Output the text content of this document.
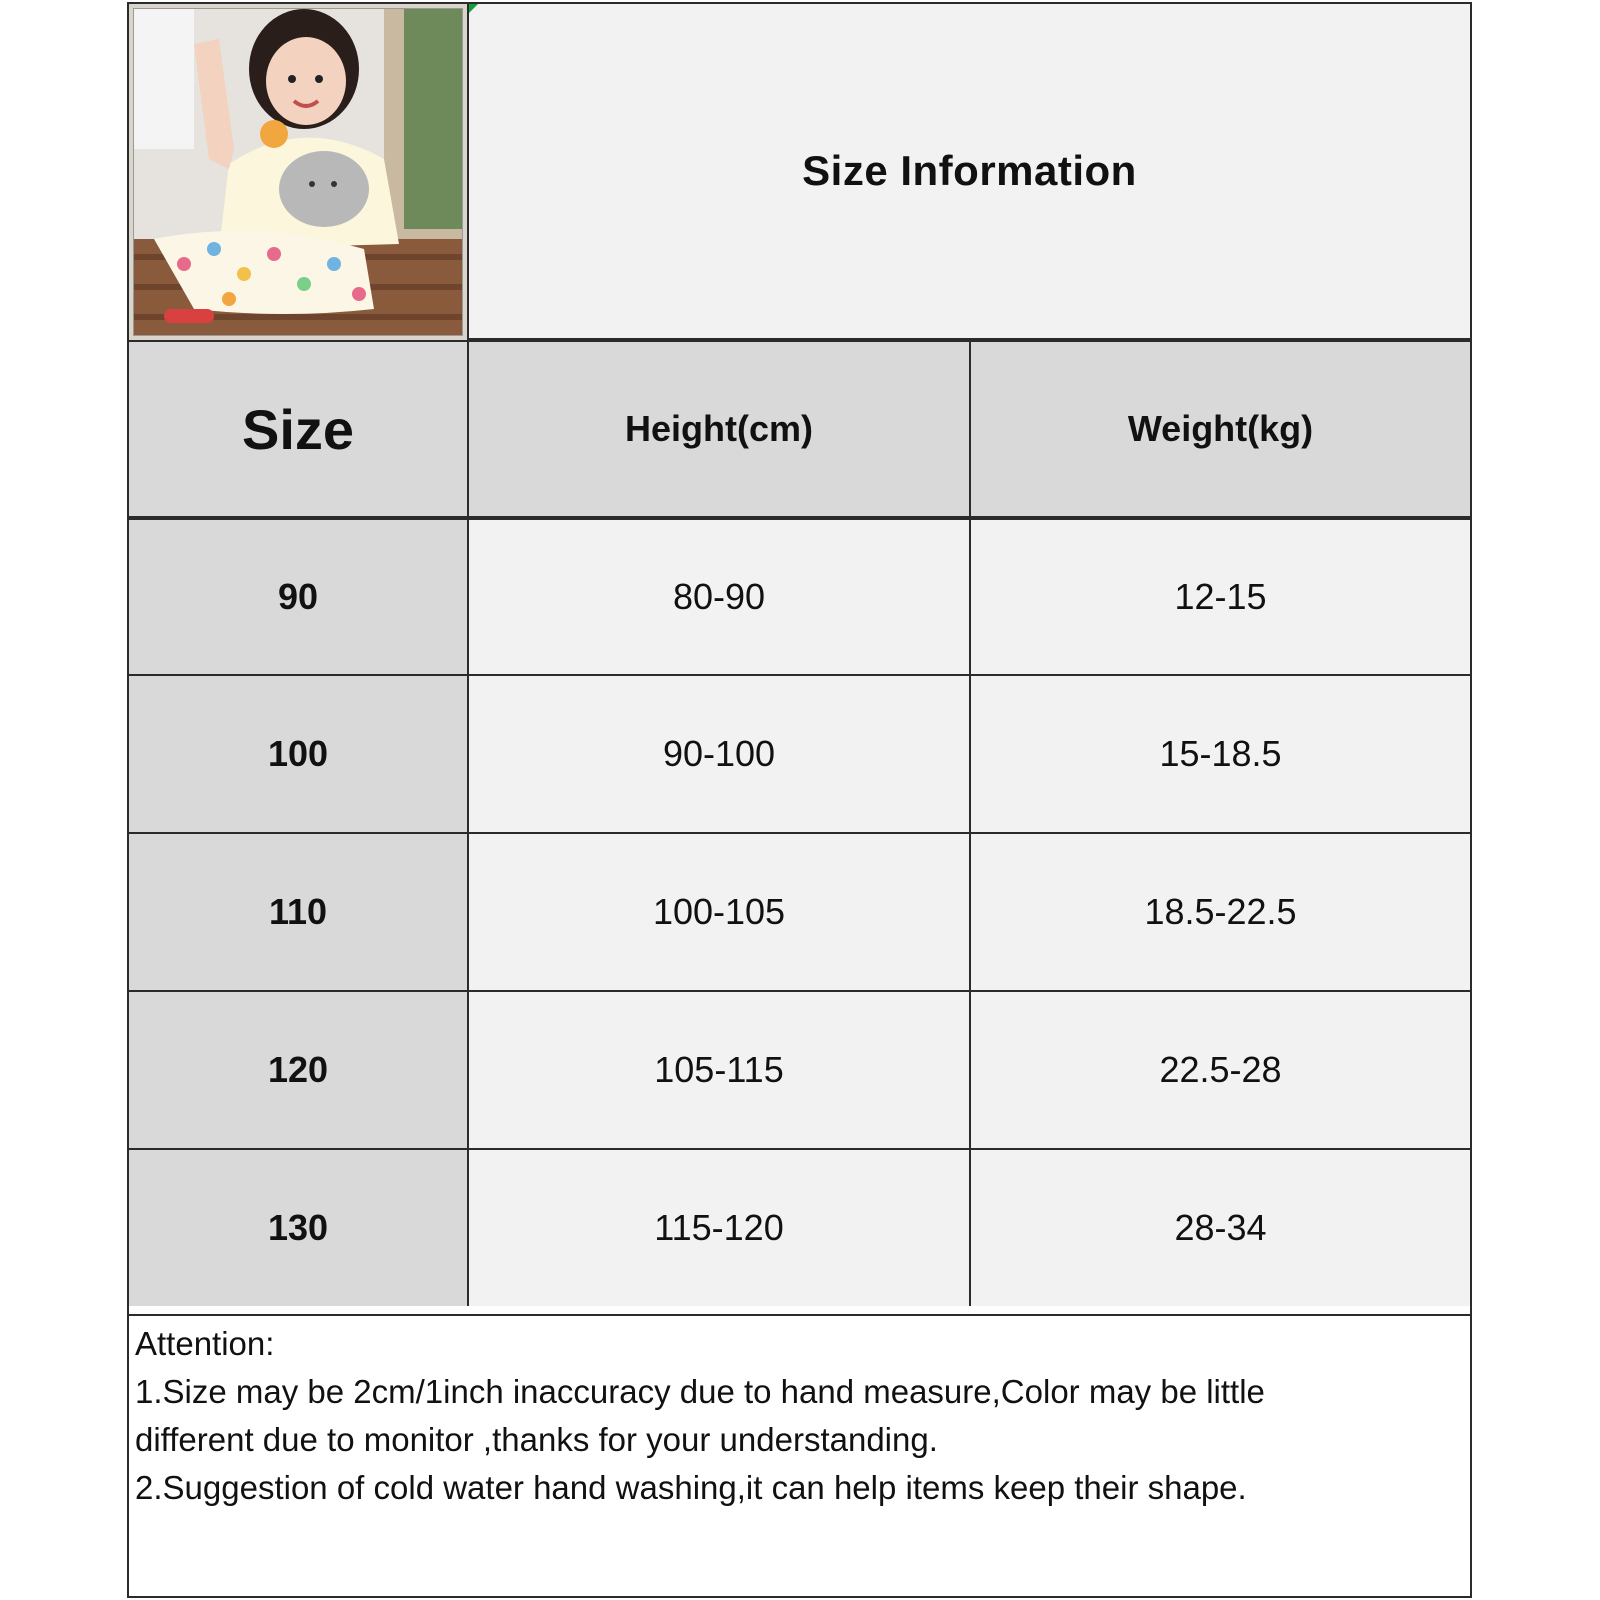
Size Information
Size	Height(cm)	Weight(kg)
90	80-90	12-15
100	90-100	15-18.5
110	100-105	18.5-22.5
120	105-115	22.5-28
130	115-120	28-34
Attention:
1.Size may be 2cm/1inch inaccuracy due to hand measure,Color may be little
different due to monitor ,thanks for your understanding.
2.Suggestion of cold water hand washing,it can help items keep their shape.
